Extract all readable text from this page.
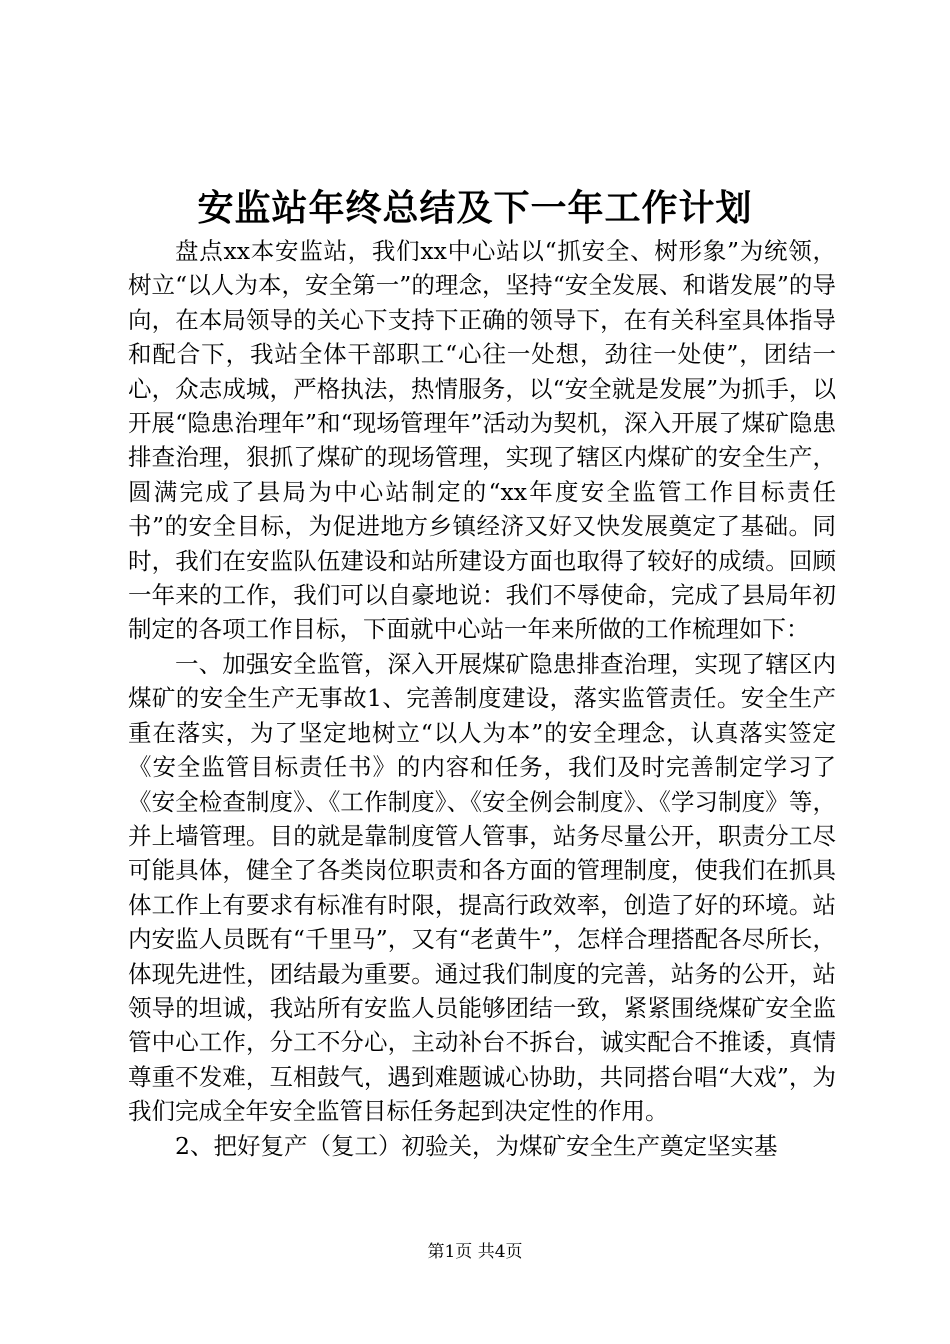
安监站年终总结及下一年工作计划

盘点xx本安监站，我们xx中心站以“抓安全、树形象”为统领，树立“以人为本，安全第一”的理念，坚持“安全发展、和谐发展”的导向，在本局领导的关心下支持下正确的领导下，在有关科室具体指导和配合下，我站全体干部职工“心往一处想，劲往一处使”，团结一心，众志成城，严格执法，热情服务，以“安全就是发展”为抓手，以开展“隐患治理年”和“现场管理年”活动为契机，深入开展了煤矿隐患排查治理，狠抓了煤矿的现场管理，实现了辖区内煤矿的安全生产，圆满完成了县局为中心站制定的“xx年度安全监管工作目标责任书”的安全目标，为促进地方乡镇经济又好又快发展奠定了基础。同时，我们在安监队伍建设和站所建设方面也取得了较好的成绩。回顾一年来的工作，我们可以自豪地说：我们不辱使命，完成了县局年初制定的各项工作目标，下面就中心站一年来所做的工作梳理如下：

一、加强安全监管，深入开展煤矿隐患排查治理，实现了辖区内煤矿的安全生产无事故1、完善制度建设，落实监管责任。安全生产重在落实，为了坚定地树立“以人为本”的安全理念，认真落实签定《安全监管目标责任书》的内容和任务，我们及时完善制定学习了《安全检查制度》、《工作制度》、《安全例会制度》、《学习制度》等，并上墙管理。目的就是靠制度管人管事，站务尽量公开，职责分工尽可能具体，健全了各类岗位职责和各方面的管理制度，使我们在抓具体工作上有要求有标准有时限，提高行政效率，创造了好的环境。站内安监人员既有“千里马”，又有“老黄牛”，怎样合理搭配各尽所长，体现先进性，团结最为重要。通过我们制度的完善，站务的公开，站领导的坦诚，我站所有安监人员能够团结一致，紧紧围绕煤矿安全监管中心工作，分工不分心，主动补台不拆台，诚实配合不推诿，真情尊重不发难，互相鼓气，遇到难题诚心协助，共同搭台唱“大戏”，为我们完成全年安全监管目标任务起到决定性的作用。

2、把好复产（复工）初验关，为煤矿安全生产奠定坚实基

第1页 共4页
